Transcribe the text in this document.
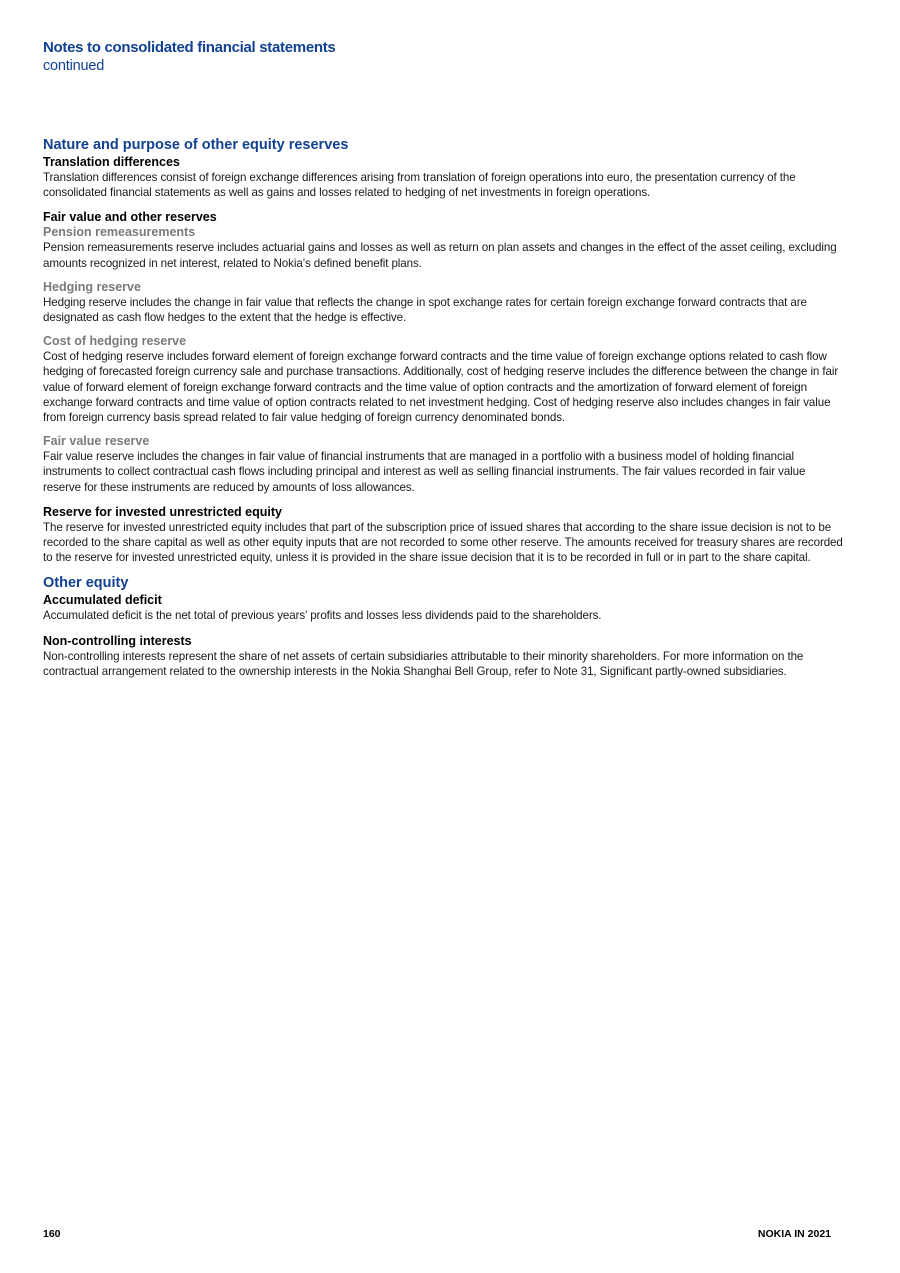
Notes to consolidated financial statements
continued
Nature and purpose of other equity reserves
Translation differences

Translation differences consist of foreign exchange differences arising from translation of foreign operations into euro, the presentation currency of the consolidated financial statements as well as gains and losses related to hedging of net investments in foreign operations.

Fair value and other reserves
Pension remeasurements

Pension remeasurements reserve includes actuarial gains and losses as well as return on plan assets and changes in the effect of the asset ceiling, excluding amounts recognized in net interest, related to Nokia’s defined benefit plans.

Hedging reserve

Hedging reserve includes the change in fair value that reflects the change in spot exchange rates for certain foreign exchange forward contracts that are designated as cash flow hedges to the extent that the hedge is effective.

Cost of hedging reserve

Cost of hedging reserve includes forward element of foreign exchange forward contracts and the time value of foreign exchange options related to cash flow hedging of forecasted foreign currency sale and purchase transactions. Additionally, cost of hedging reserve includes the difference between the change in fair value of forward element of foreign exchange forward contracts and the time value of option contracts and the amortization of forward element of foreign exchange forward contracts and time value of option contracts related to net investment hedging. Cost of hedging reserve also includes changes in fair value from foreign currency basis spread related to fair value hedging of foreign currency denominated bonds.

Fair value reserve

Fair value reserve includes the changes in fair value of financial instruments that are managed in a portfolio with a business model of holding financial instruments to collect contractual cash flows including principal and interest as well as selling financial instruments. The fair values recorded in fair value reserve for these instruments are reduced by amounts of loss allowances.

Reserve for invested unrestricted equity

The reserve for invested unrestricted equity includes that part of the subscription price of issued shares that according to the share issue decision is not to be recorded to the share capital as well as other equity inputs that are not recorded to some other reserve. The amounts received for treasury shares are recorded to the reserve for invested unrestricted equity, unless it is provided in the share issue decision that it is to be recorded in full or in part to the share capital.

Other equity
Accumulated deficit

Accumulated deficit is the net total of previous years’ profits and losses less dividends paid to the shareholders.

Non-controlling interests

Non-controlling interests represent the share of net assets of certain subsidiaries attributable to their minority shareholders. For more information on the contractual arrangement related to the ownership interests in the Nokia Shanghai Bell Group, refer to Note 31, Significant partly-owned subsidiaries.

160	NOKIA IN 2021
